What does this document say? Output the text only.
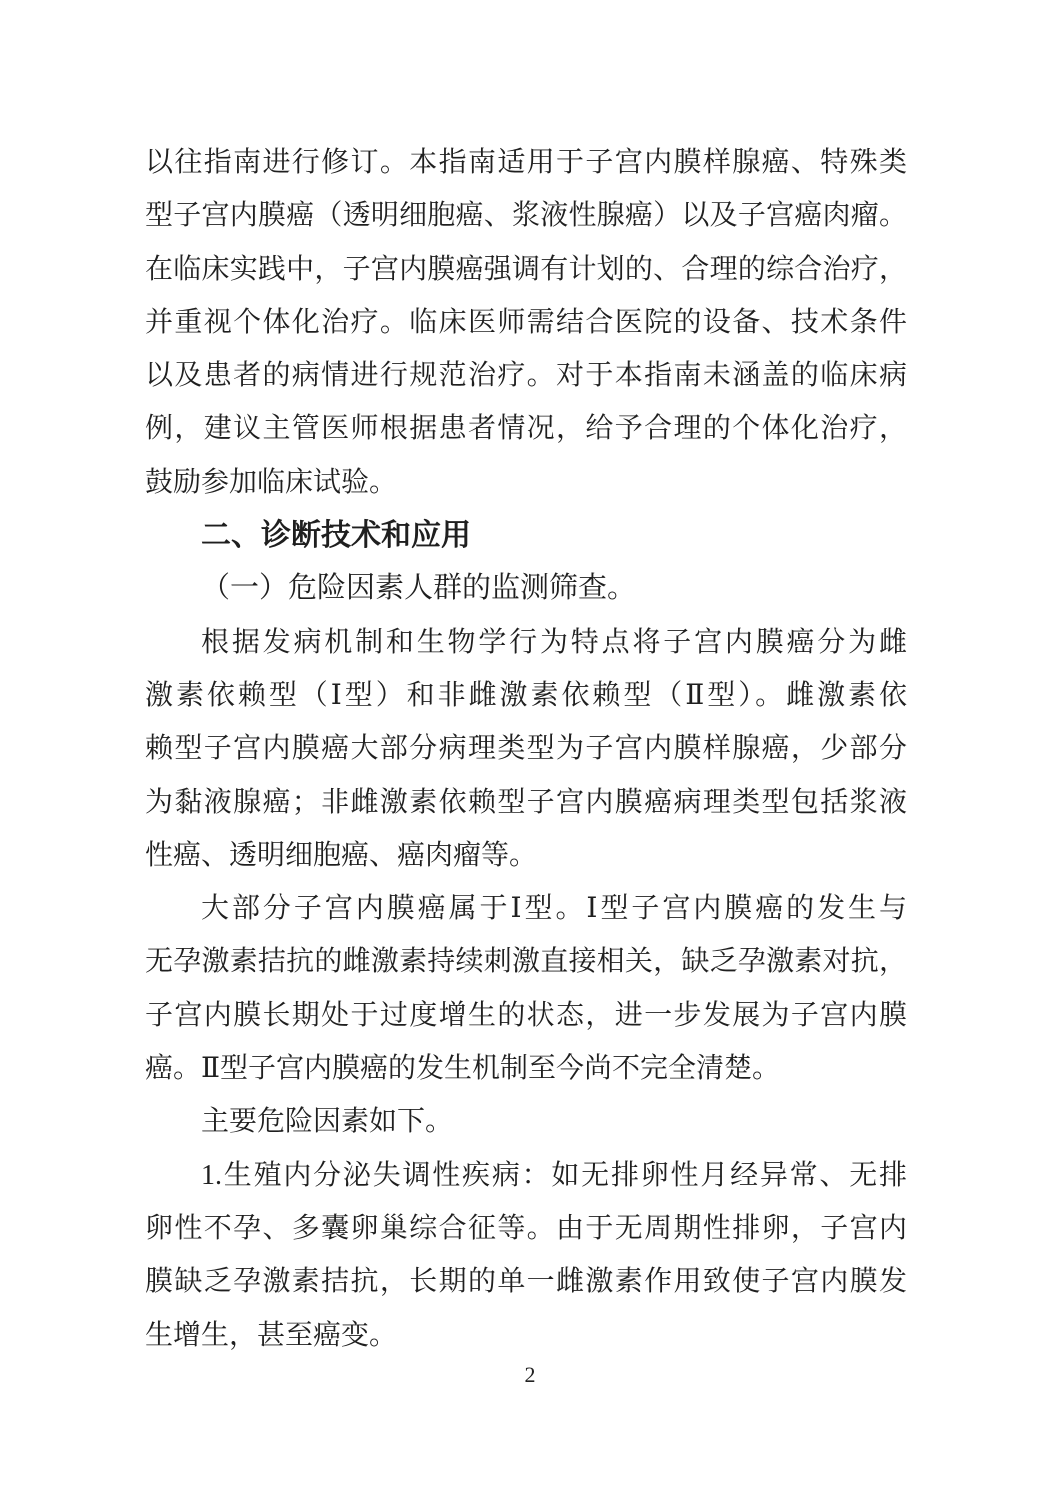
以往指南进行修订。本指南适用于子宫内膜样腺癌、特殊类
型子宫内膜癌（透明细胞癌、浆液性腺癌）以及子宫癌肉瘤。
在临床实践中，子宫内膜癌强调有计划的、合理的综合治疗，
并重视个体化治疗。临床医师需结合医院的设备、技术条件
以及患者的病情进行规范治疗。对于本指南未涵盖的临床病
例，建议主管医师根据患者情况，给予合理的个体化治疗，
鼓励参加临床试验。
二、诊断技术和应用
（一）危险因素人群的监测筛查。
根据发病机制和生物学行为特点将子宫内膜癌分为雌
激素依赖型（Ⅰ型）和非雌激素依赖型（Ⅱ型）。雌激素依
赖型子宫内膜癌大部分病理类型为子宫内膜样腺癌，少部分
为黏液腺癌；非雌激素依赖型子宫内膜癌病理类型包括浆液
性癌、透明细胞癌、癌肉瘤等。
大部分子宫内膜癌属于Ⅰ型。Ⅰ型子宫内膜癌的发生与
无孕激素拮抗的雌激素持续刺激直接相关，缺乏孕激素对抗，
子宫内膜长期处于过度增生的状态，进一步发展为子宫内膜
癌。Ⅱ型子宫内膜癌的发生机制至今尚不完全清楚。
主要危险因素如下。
1.生殖内分泌失调性疾病：如无排卵性月经异常、无排
卵性不孕、多囊卵巢综合征等。由于无周期性排卵，子宫内
膜缺乏孕激素拮抗，长期的单一雌激素作用致使子宫内膜发
生增生，甚至癌变。
2
